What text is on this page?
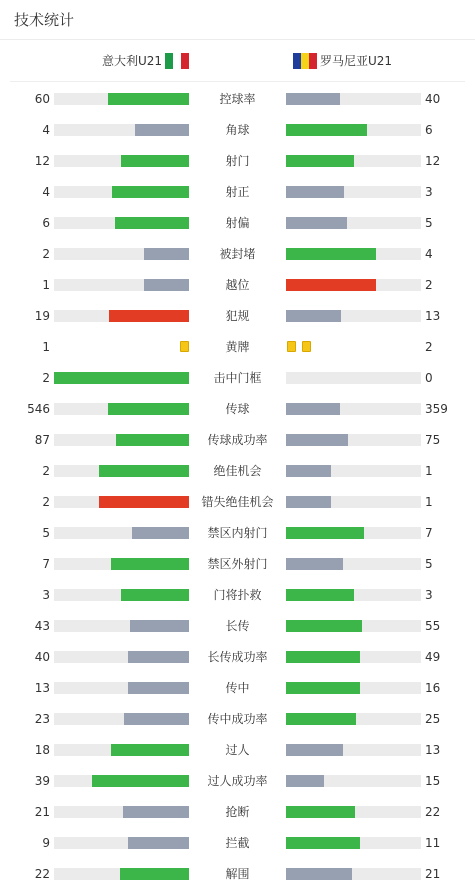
技术统计
意大利U21	罗马尼亚U21
60	控球率	40
4	角球	6
12	射门	12
4	射正	3
6	射偏	5
2	被封堵	4
1	越位	2
19	犯规	13
1	黄牌	2
2	击中门框	0
546	传球	359
87	传球成功率	75
2	绝佳机会	1
2	错失绝佳机会	1
5	禁区内射门	7
7	禁区外射门	5
3	门将扑救	3
43	长传	55
40	长传成功率	49
13	传中	16
23	传中成功率	25
18	过人	13
39	过人成功率	15
21	抢断	22
9	拦截	11
22	解围	21
